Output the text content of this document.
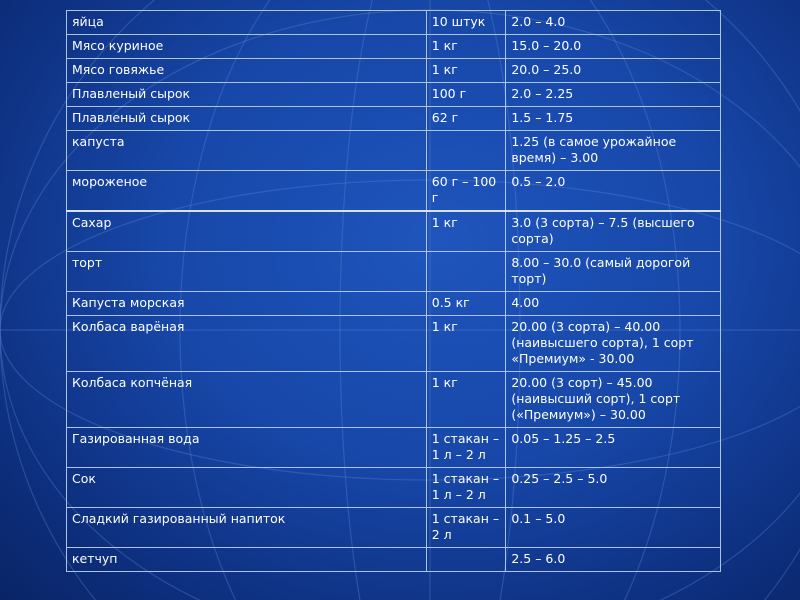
яйца	10 штук	2.0 – 4.0
Мясо куриное	1 кг	15.0 – 20.0
Мясо говяжье	1 кг	20.0 – 25.0
Плавленый сырок	100 г	2.0 – 2.25
Плавленый сырок	62 г	1.5 – 1.75
капуста		1.25 (в самое урожайное время) – 3.00
мороженое	60 г – 100 г	0.5 – 2.0
Сахар	1 кг	3.0 (3 сорта) – 7.5 (высшего сорта)
торт		8.00 – 30.0 (самый дорогой торт)
Капуста морская	0.5 кг	4.00
Колбаса варёная	1 кг	20.00 (3 сорта) – 40.00 (наивысшего сорта), 1 сорт «Премиум» - 30.00
Колбаса копчёная	1 кг	20.00 (3 сорт) – 45.00 (наивысший сорт), 1 сорт («Премиум») – 30.00
Газированная вода	1 стакан – 1 л – 2 л	0.05 – 1.25 – 2.5
Сок	1 стакан – 1 л – 2 л	0.25 – 2.5 – 5.0
Сладкий газированный напиток	1 стакан – 2 л	0.1 – 5.0
кетчуп		2.5 – 6.0
